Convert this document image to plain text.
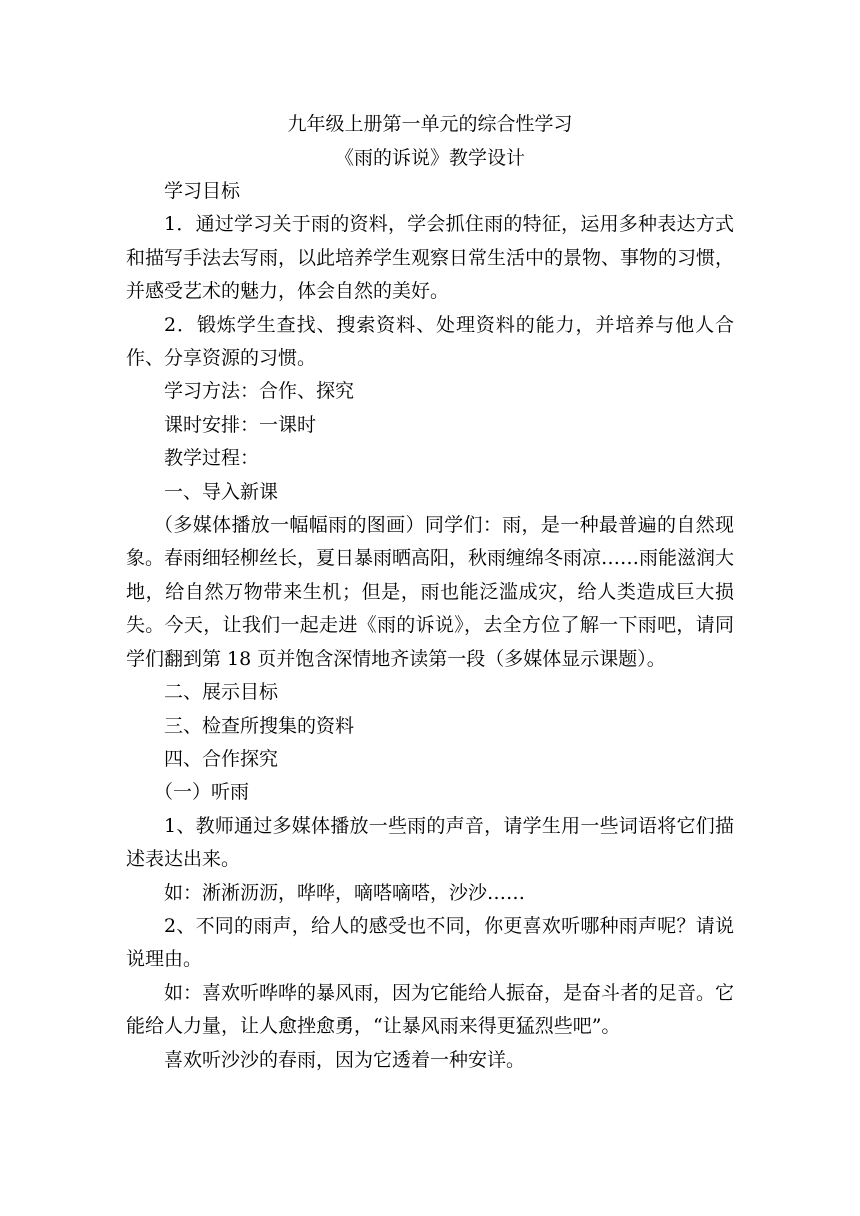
九年级上册第一单元的综合性学习

《雨的诉说》教学设计

学习目标

1．通过学习关于雨的资料，学会抓住雨的特征，运用多种表达方式和描写手法去写雨，以此培养学生观察日常生活中的景物、事物的习惯，并感受艺术的魅力，体会自然的美好。

2．锻炼学生查找、搜索资料、处理资料的能力，并培养与他人合作、分享资源的习惯。

学习方法：合作、探究

课时安排：一课时

教学过程：

一、导入新课

（多媒体播放一幅幅雨的图画）同学们：雨，是一种最普遍的自然现象。春雨细轻柳丝长，夏日暴雨晒高阳，秋雨缠绵冬雨凉……雨能滋润大地，给自然万物带来生机；但是，雨也能泛滥成灾，给人类造成巨大损失。今天，让我们一起走进《雨的诉说》，去全方位了解一下雨吧，请同学们翻到第 18 页并饱含深情地齐读第一段（多媒体显示课题）。

二、展示目标

三、检查所搜集的资料

四、合作探究

（一）听雨

1、教师通过多媒体播放一些雨的声音，请学生用一些词语将它们描述表达出来。

如：淅淅沥沥，哗哗，嘀嗒嘀嗒，沙沙……

2、不同的雨声，给人的感受也不同，你更喜欢听哪种雨声呢？请说说理由。

如：喜欢听哗哗的暴风雨，因为它能给人振奋，是奋斗者的足音。它能给人力量，让人愈挫愈勇，“让暴风雨来得更猛烈些吧”。

喜欢听沙沙的春雨，因为它透着一种安详。
